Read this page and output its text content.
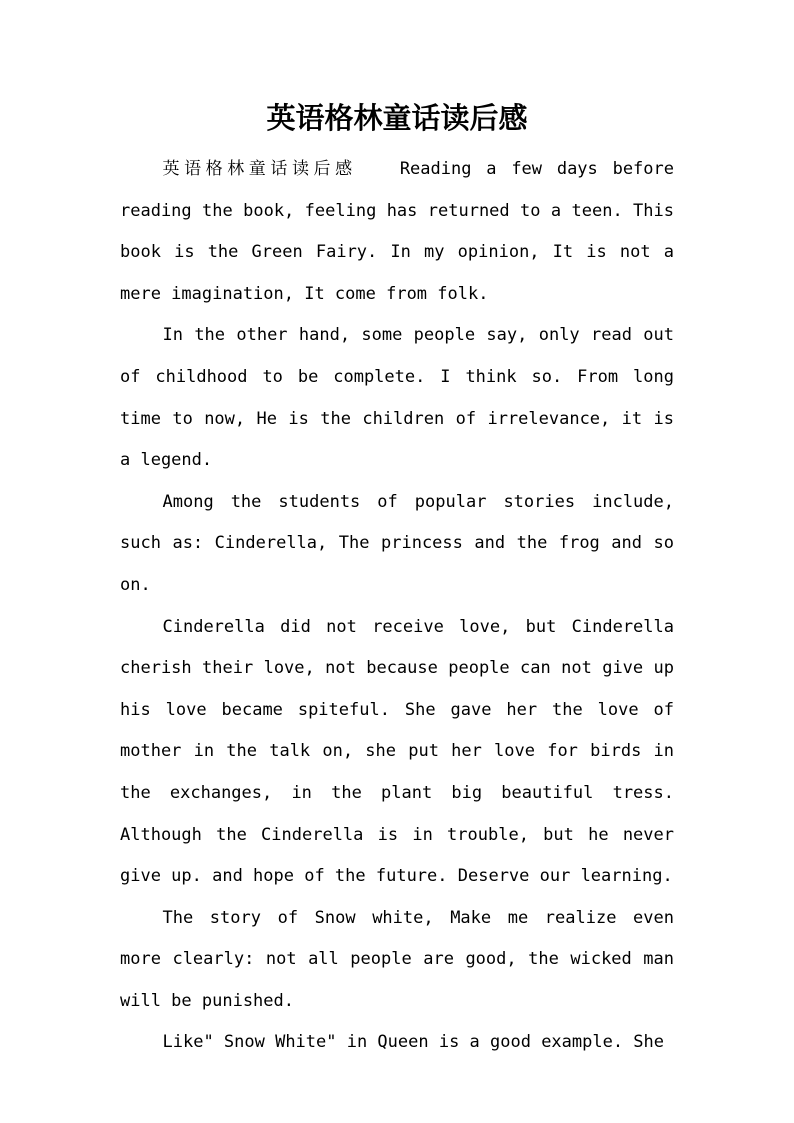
英语格林童话读后感

英语格林童话读后感　　Reading a few days before reading the book, feeling has returned to a teen. This book is the Green Fairy. In my opinion, It is not a mere imagination, It come from folk.

In the other hand, some people say, only read out of childhood to be complete. I think so. From long time to now, He is the children of irrelevance, it is a legend.

Among the students of popular stories include, such as: Cinderella, The princess and the frog and so on.

Cinderella did not receive love, but Cinderella cherish their love, not because people can not give up his love became spiteful. She gave her the love of mother in the talk on, she put her love for birds in the exchanges, in the plant big beautiful tress. Although the Cinderella is in trouble, but he never give up. and hope of the future. Deserve our learning.

The story of Snow white, Make me realize even more clearly: not all people are good, the wicked man will be punished.

Like" Snow White" in Queen is a good example. She
